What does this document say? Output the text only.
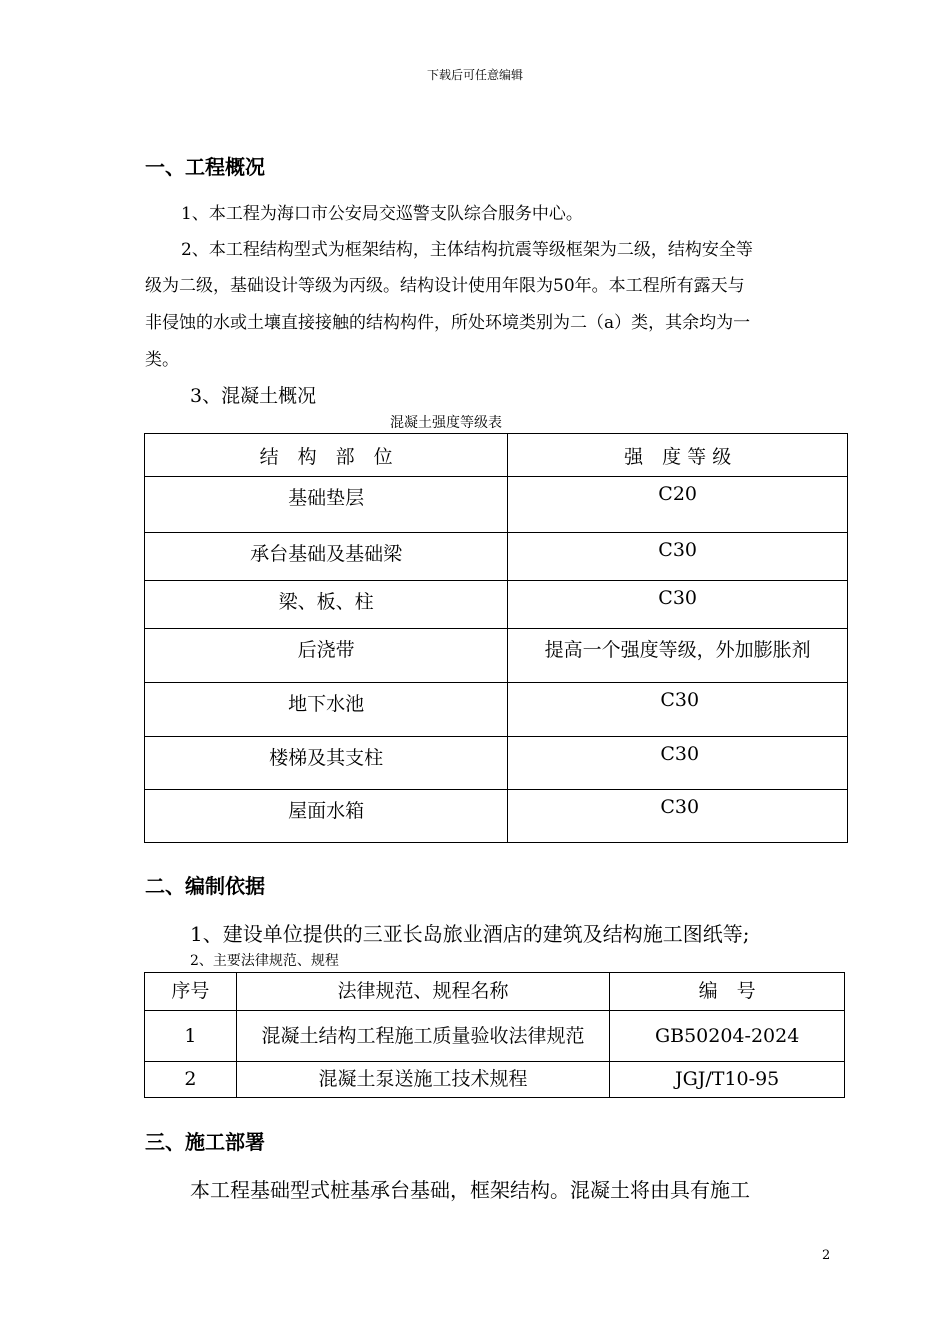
下载后可任意编辑
一、工程概况
1、本工程为海口市公安局交巡警支队综合服务中心。
2、本工程结构型式为框架结构，主体结构抗震等级框架为二级，结构安全等
级为二级，基础设计等级为丙级。结构设计使用年限为50年。本工程所有露天与
非侵蚀的水或土壤直接接触的结构构件，所处环境类别为二（a）类，其余均为一
类。
3、混凝土概况
混凝土强度等级表
结　构　部　位	强　度 等 级
基础垫层	C20
承台基础及基础梁	C30
梁、板、柱	C30
后浇带	提高一个强度等级，外加膨胀剂
地下水池	C30
楼梯及其支柱	C30
屋面水箱	C30
二、编制依据
1、建设单位提供的三亚长岛旅业酒店的建筑及结构施工图纸等;
2、主要法律规范、规程
序号	法律规范、规程名称	编　号
1	混凝土结构工程施工质量验收法律规范	GB50204-2024
2	混凝土泵送施工技术规程	JGJ/T10-95
三、施工部署
本工程基础型式桩基承台基础，框架结构。混凝土将由具有施工
2
